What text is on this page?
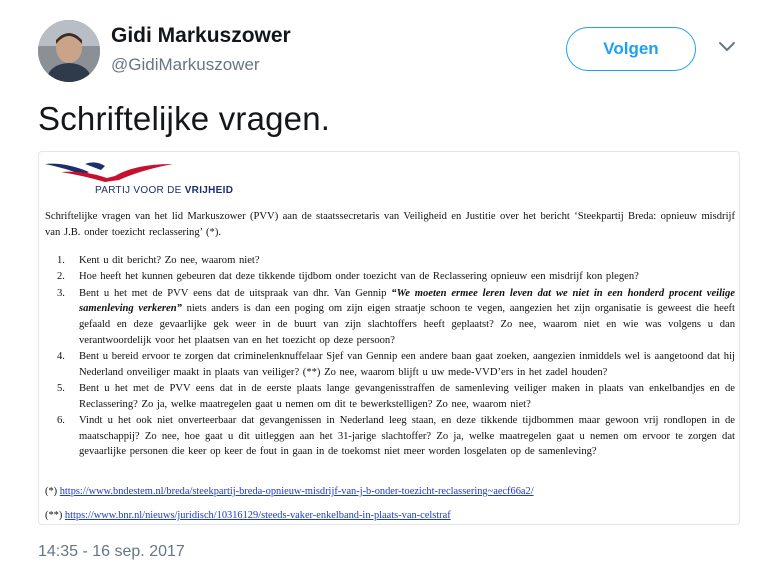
Gidi Markuszower
@GidiMarkuszower
Volgen
Schriftelijke vragen.
PARTIJ VOOR DE VRIJHEID
Schriftelijke vragen van het lid Markuszower (PVV) aan de staatssecretaris van Veiligheid en Justitie over het bericht ‘Steekpartij Breda: opnieuw misdrijf van J.B. onder toezicht reclassering’ (*).
1. Kent u dit bericht? Zo nee, waarom niet?
2. Hoe heeft het kunnen gebeuren dat deze tikkende tijdbom onder toezicht van de Reclassering opnieuw een misdrijf kon plegen?
3. Bent u het met de PVV eens dat de uitspraak van dhr. Van Gennip “We moeten ermee leren leven dat we niet in een honderd procent veilige samenleving verkeren” niets anders is dan een poging om zijn eigen straatje schoon te vegen, aangezien het zijn organisatie is geweest die heeft gefaald en deze gevaarlijke gek weer in de buurt van zijn slachtoffers heeft geplaatst? Zo nee, waarom niet en wie was volgens u dan verantwoordelijk voor het plaatsen van en het toezicht op deze persoon?
4. Bent u bereid ervoor te zorgen dat criminelenknuffelaar Sjef van Gennip een andere baan gaat zoeken, aangezien inmiddels wel is aangetoond dat hij Nederland onveiliger maakt in plaats van veiliger? (**) Zo nee, waarom blijft u uw mede-VVD’ers in het zadel houden?
5. Bent u het met de PVV eens dat in de eerste plaats lange gevangenisstraffen de samenleving veiliger maken in plaats van enkelbandjes en de Reclassering? Zo ja, welke maatregelen gaat u nemen om dit te bewerkstelligen? Zo nee, waarom niet?
6. Vindt u het ook niet onverteerbaar dat gevangenissen in Nederland leeg staan, en deze tikkende tijdbommen maar gewoon vrij rondlopen in de maatschappij? Zo nee, hoe gaat u dit uitleggen aan het 31-jarige slachtoffer? Zo ja, welke maatregelen gaat u nemen om ervoor te zorgen dat gevaarlijke personen die keer op keer de fout in gaan in de toekomst niet meer worden losgelaten op de samenleving?
(*) https://www.bndestem.nl/breda/steekpartij-breda-opnieuw-misdrijf-van-j-b-onder-toezicht-reclassering~aecf66a2/
(**) https://www.bnr.nl/nieuws/juridisch/10316129/steeds-vaker-enkelband-in-plaats-van-celstraf
14:35 - 16 sep. 2017
